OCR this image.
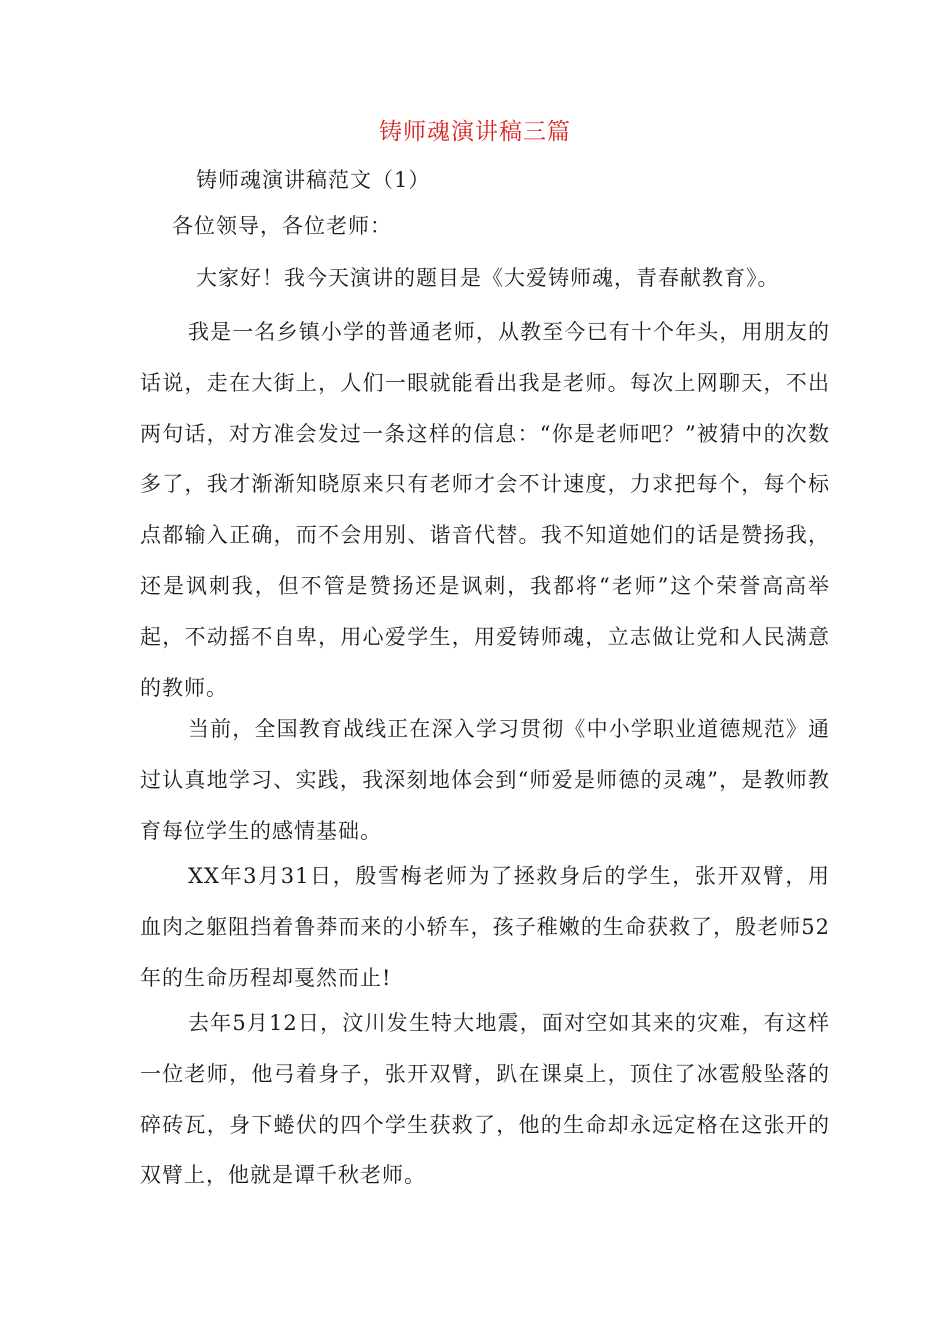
铸师魂演讲稿三篇
铸师魂演讲稿范文（1）
各位领导，各位老师：
大家好！我今天演讲的题目是《大爱铸师魂，青春献教育》。

我是一名乡镇小学的普通老师，从教至今已有十个年头，用朋友的话说，走在大街上，人们一眼就能看出我是老师。每次上网聊天，不出两句话，对方准会发过一条这样的信息：“你是老师吧？”被猜中的次数多了，我才渐渐知晓原来只有老师才会不计速度，力求把每个，每个标点都输入正确，而不会用别、谐音代替。我不知道她们的话是赞扬我，还是讽刺我，但不管是赞扬还是讽刺，我都将“老师”这个荣誉高高举起，不动摇不自卑，用心爱学生，用爱铸师魂，立志做让党和人民满意的教师。

当前，全国教育战线正在深入学习贯彻《中小学职业道德规范》通过认真地学习、实践，我深刻地体会到“师爱是师德的灵魂”，是教师教育每位学生的感情基础。

XX年3月31日，殷雪梅老师为了拯救身后的学生，张开双臂，用血肉之躯阻挡着鲁莽而来的小轿车，孩子稚嫩的生命获救了，殷老师52年的生命历程却戛然而止!

去年5月12日，汶川发生特大地震，面对空如其来的灾难，有这样一位老师，他弓着身子，张开双臂，趴在课桌上，顶住了冰雹般坠落的碎砖瓦，身下蜷伏的四个学生获救了，他的生命却永远定格在这张开的双臂上，他就是谭千秋老师。
